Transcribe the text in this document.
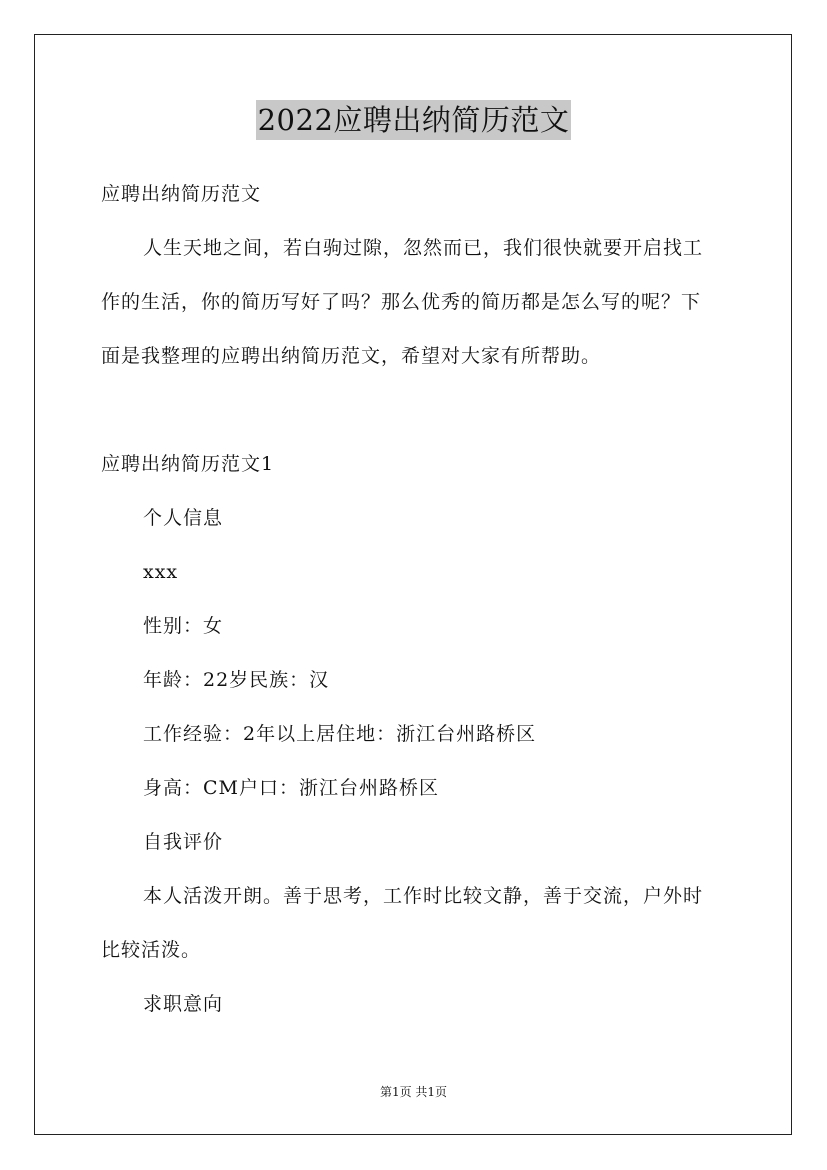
2022应聘出纳简历范文
应聘出纳简历范文
人生天地之间，若白驹过隙，忽然而已，我们很快就要开启找工
作的生活，你的简历写好了吗？那么优秀的简历都是怎么写的呢？下
面是我整理的应聘出纳简历范文，希望对大家有所帮助。
应聘出纳简历范文1
个人信息
xxx
性别：女
年龄：22岁民族：汉
工作经验：2年以上居住地：浙江台州路桥区
身高：CM户口：浙江台州路桥区
自我评价
本人活泼开朗。善于思考，工作时比较文静，善于交流，户外时
比较活泼。
求职意向
第1页 共1页
